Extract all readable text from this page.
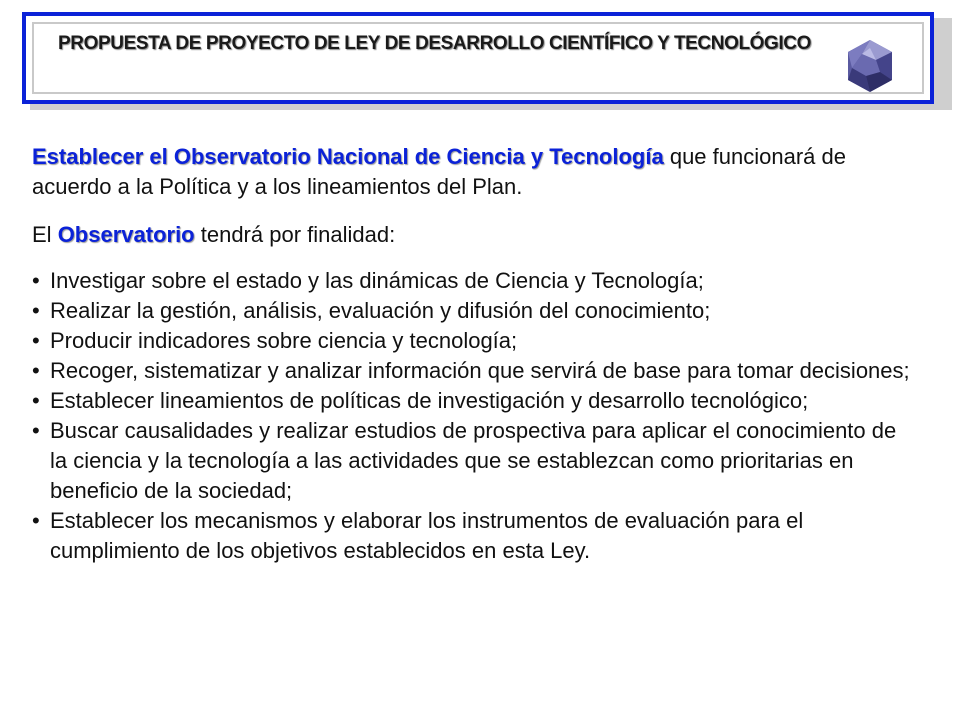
PROPUESTA DE PROYECTO DE LEY DE DESARROLLO CIENTÍFICO Y TECNOLÓGICO

Establecer el Observatorio Nacional de Ciencia y Tecnología que funcionará de acuerdo a la Política y a los lineamientos del Plan.

El Observatorio tendrá por finalidad:

• Investigar sobre el estado y las dinámicas de Ciencia y Tecnología;
• Realizar la gestión, análisis, evaluación y difusión del conocimiento;
• Producir indicadores sobre ciencia y tecnología;
• Recoger, sistematizar y analizar información que servirá de base para tomar decisiones;
• Establecer lineamientos de políticas de investigación y desarrollo tecnológico;
• Buscar causalidades y realizar estudios de prospectiva para aplicar el conocimiento de la ciencia y la tecnología a las actividades que se establezcan como prioritarias en beneficio de la sociedad;
• Establecer los mecanismos y elaborar los instrumentos de evaluación para el cumplimiento de los objetivos establecidos en esta Ley.
